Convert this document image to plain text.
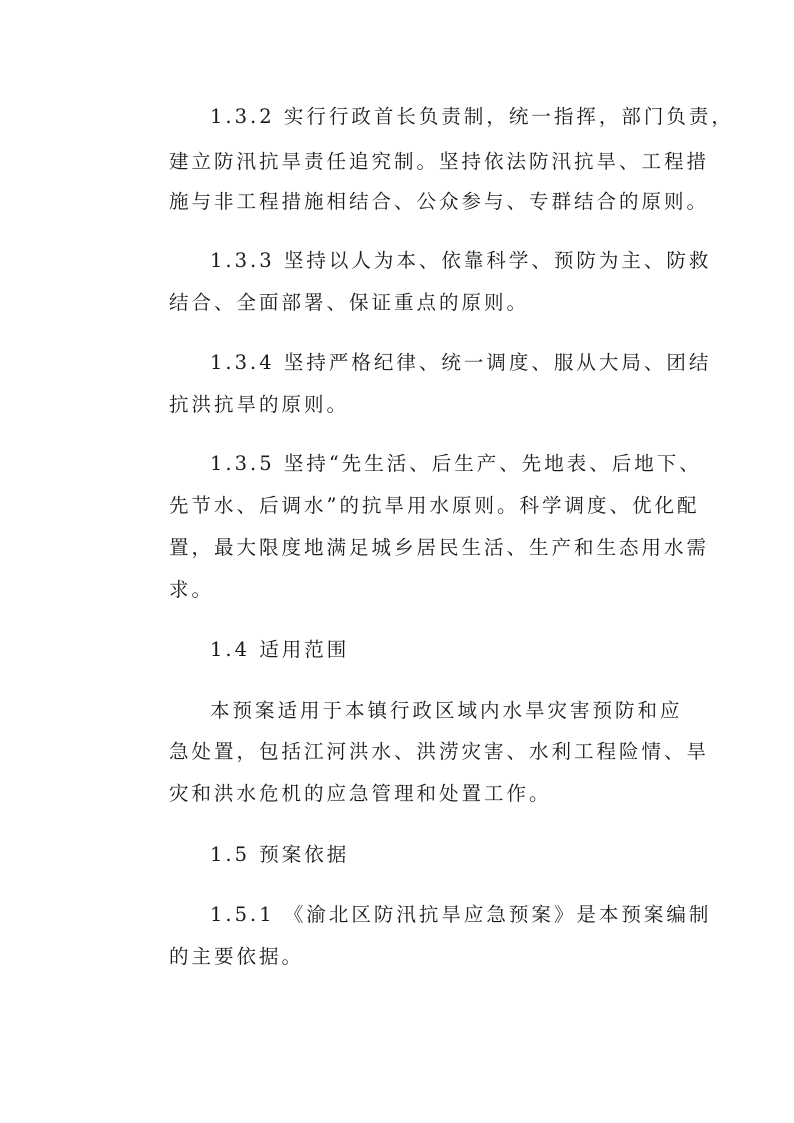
1.3.2 实行行政首长负责制，统一指挥，部门负责，
建立防汛抗旱责任追究制。坚持依法防汛抗旱、工程措
施与非工程措施相结合、公众参与、专群结合的原则。
1.3.3 坚持以人为本、依靠科学、预防为主、防救
结合、全面部署、保证重点的原则。
1.3.4 坚持严格纪律、统一调度、服从大局、团结
抗洪抗旱的原则。
1.3.5 坚持“先生活、后生产、先地表、后地下、
先节水、后调水”的抗旱用水原则。科学调度、优化配
置，最大限度地满足城乡居民生活、生产和生态用水需
求。
1.4 适用范围
本预案适用于本镇行政区域内水旱灾害预防和应
急处置，包括江河洪水、洪涝灾害、水利工程险情、旱
灾和洪水危机的应急管理和处置工作。
1.5 预案依据
1.5.1 《渝北区防汛抗旱应急预案》是本预案编制
的主要依据。
